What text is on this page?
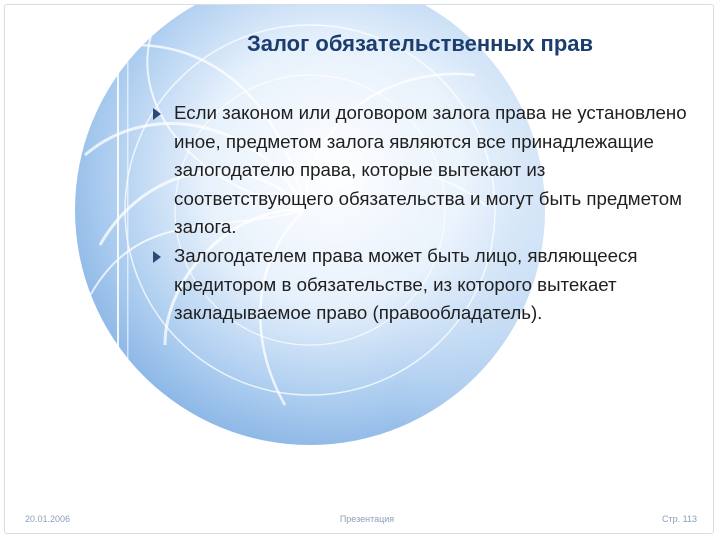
Залог обязательственных прав
Если законом или договором залога права не установлено иное, предметом залога являются все принадлежащие залогодателю права, которые вытекают из соответствующего обязательства и могут быть предметом залога.
Залогодателем права может быть лицо, являющееся кредитором в обязательстве, из которого вытекает закладываемое право (правообладатель).
20.01.2006	Презентация	Стр. 113
